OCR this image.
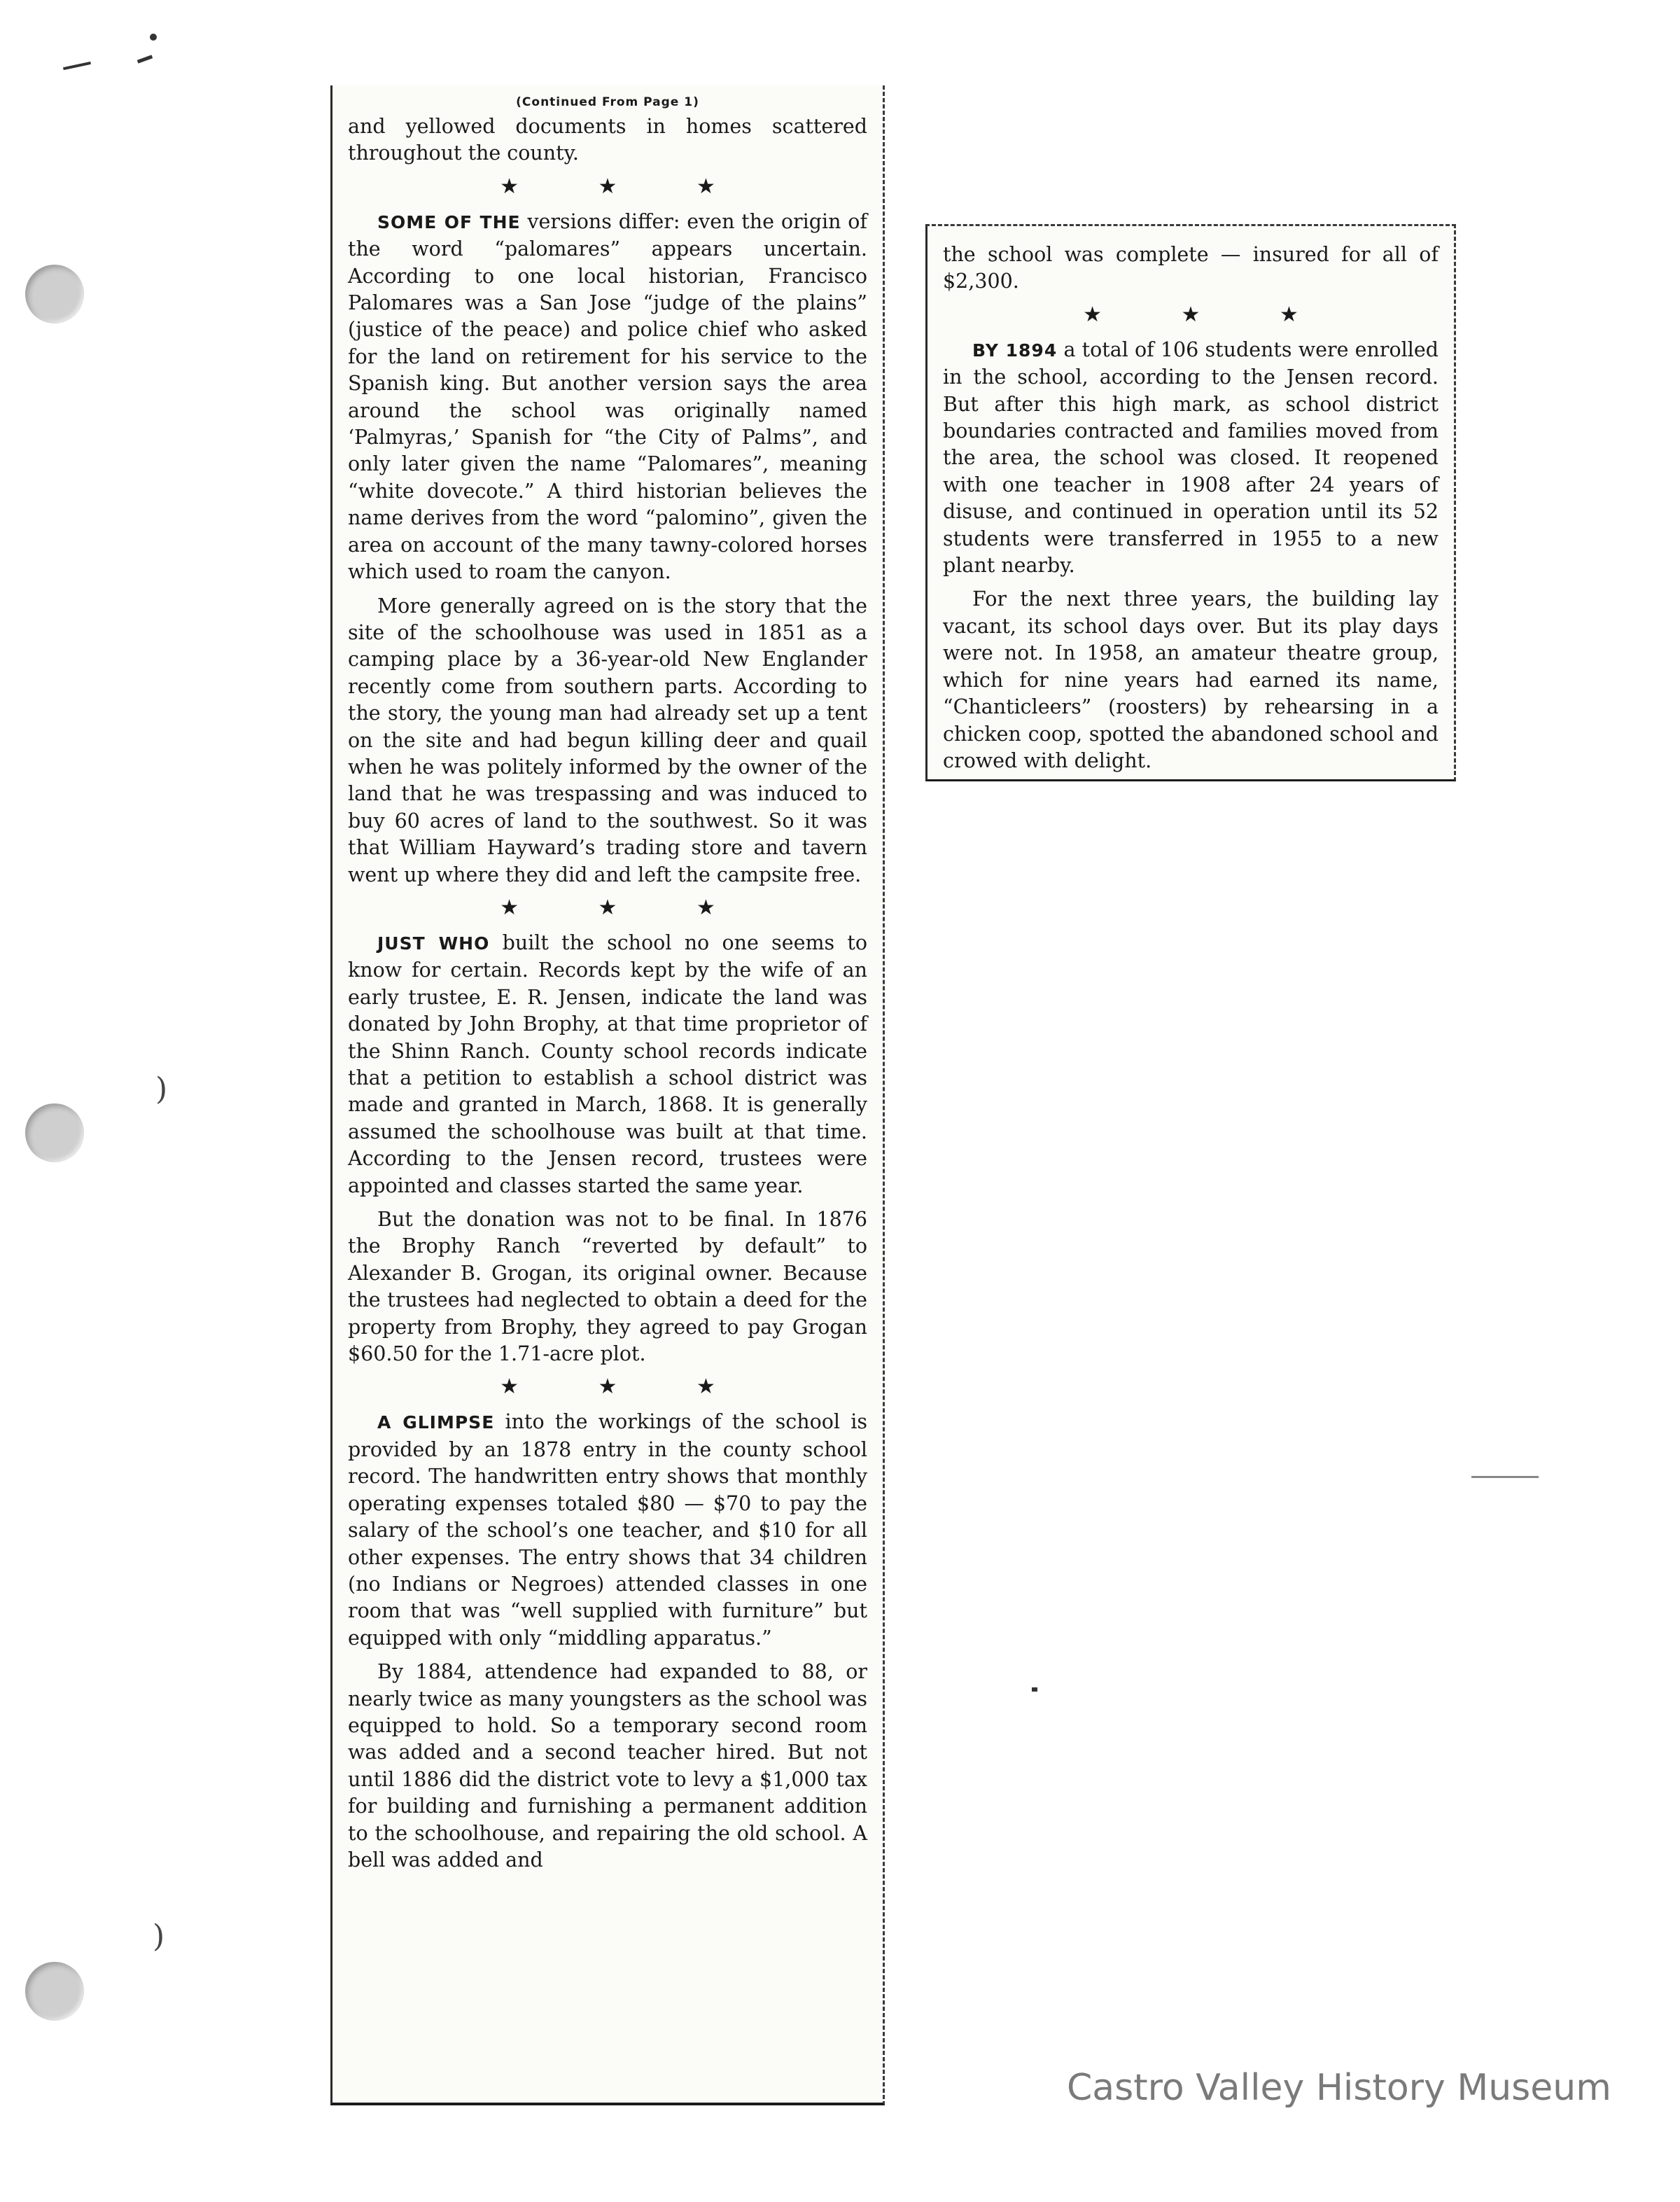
)
)
(Continued From Page 1)

and yellowed documents in homes scattered throughout the county.

★ ★ ★

SOME OF THE versions differ: even the origin of the word “palomares” appears uncertain. According to one local historian, Francisco Palomares was a San Jose “judge of the plains” (justice of the peace) and police chief who asked for the land on retirement for his service to the Spanish king. But another version says the area around the school was originally named ‘Palmyras,’ Spanish for “the City of Palms”, and only later given the name “Palomares”, meaning “white dovecote.” A third historian believes the name derives from the word “palomino”, given the area on account of the many tawny-colored horses which used to roam the canyon.

More generally agreed on is the story that the site of the schoolhouse was used in 1851 as a camping place by a 36-year-old New Englander recently come from southern parts. According to the story, the young man had already set up a tent on the site and had begun killing deer and quail when he was politely informed by the owner of the land that he was trespassing and was induced to buy 60 acres of land to the southwest. So it was that William Hayward’s trading store and tavern went up where they did and left the campsite free.

★ ★ ★

JUST WHO built the school no one seems to know for certain. Records kept by the wife of an early trustee, E. R. Jensen, indicate the land was donated by John Brophy, at that time proprietor of the Shinn Ranch. County school records indicate that a petition to establish a school district was made and granted in March, 1868. It is generally assumed the schoolhouse was built at that time. According to the Jensen record, trustees were appointed and classes started the same year.

But the donation was not to be final. In 1876 the Brophy Ranch “reverted by default” to Alexander B. Grogan, its original owner. Because the trustees had neglected to obtain a deed for the property from Brophy, they agreed to pay Grogan $60.50 for the 1.71-acre plot.

★ ★ ★

A GLIMPSE into the workings of the school is provided by an 1878 entry in the county school record. The handwritten entry shows that monthly operating expenses totaled $80 — $70 to pay the salary of the school’s one teacher, and $10 for all other expenses. The entry shows that 34 children (no Indians or Negroes) attended classes in one room that was “well supplied with furniture” but equipped with only “middling apparatus.”

By 1884, attendence had expanded to 88, or nearly twice as many youngsters as the school was equipped to hold. So a temporary second room was added and a second teacher hired. But not until 1886 did the district vote to levy a $1,000 tax for building and furnishing a permanent addition to the schoolhouse, and repairing the old school. A bell was added and

the school was complete — insured for all of $2,300.

★ ★ ★

BY 1894 a total of 106 students were enrolled in the school, according to the Jensen record. But after this high mark, as school district boundaries contracted and families moved from the area, the school was closed. It reopened with one teacher in 1908 after 24 years of disuse, and continued in operation until its 52 students were transferred in 1955 to a new plant nearby.

For the next three years, the building lay vacant, its school days over. But its play days were not. In 1958, an amateur theatre group, which for nine years had earned its name, “Chanticleers” (roosters) by rehearsing in a chicken coop, spotted the abandoned school and crowed with delight.

Castro Valley History Museum
